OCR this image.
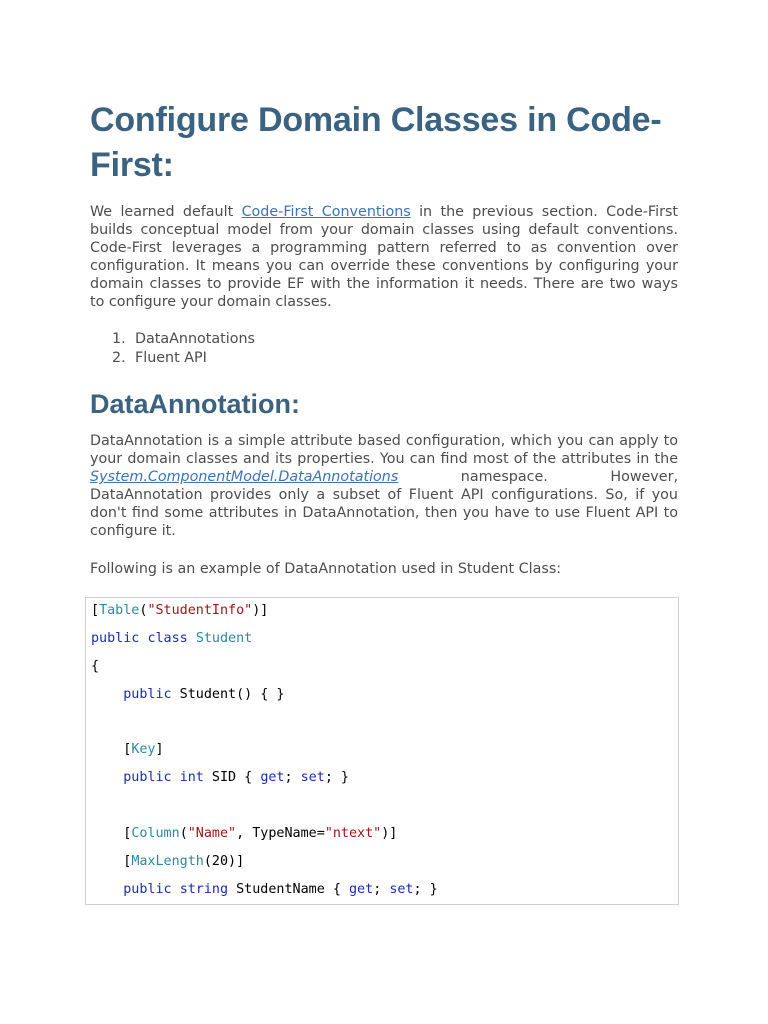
Configure Domain Classes in Code-First:

We learned default Code-First Conventions in the previous section. Code-First builds conceptual model from your domain classes using default conventions. Code-First leverages a programming pattern referred to as convention over configuration. It means you can override these conventions by configuring your domain classes to provide EF with the information it needs. There are two ways to configure your domain classes.

1. DataAnnotations
2. Fluent API
DataAnnotation:

DataAnnotation is a simple attribute based configuration, which you can apply to your domain classes and its properties. You can find most of the attributes in the System.ComponentModel.DataAnnotations namespace. However, DataAnnotation provides only a subset of Fluent API configurations. So, if you don't find some attributes in DataAnnotation, then you have to use Fluent API to configure it.

Following is an example of DataAnnotation used in Student Class:

[Table("StudentInfo")]
public class Student
{
public Student() { }
[Key]
public int SID { get; set; }
[Column("Name", TypeName="ntext")]
[MaxLength(20)]
public string StudentName { get; set; }
